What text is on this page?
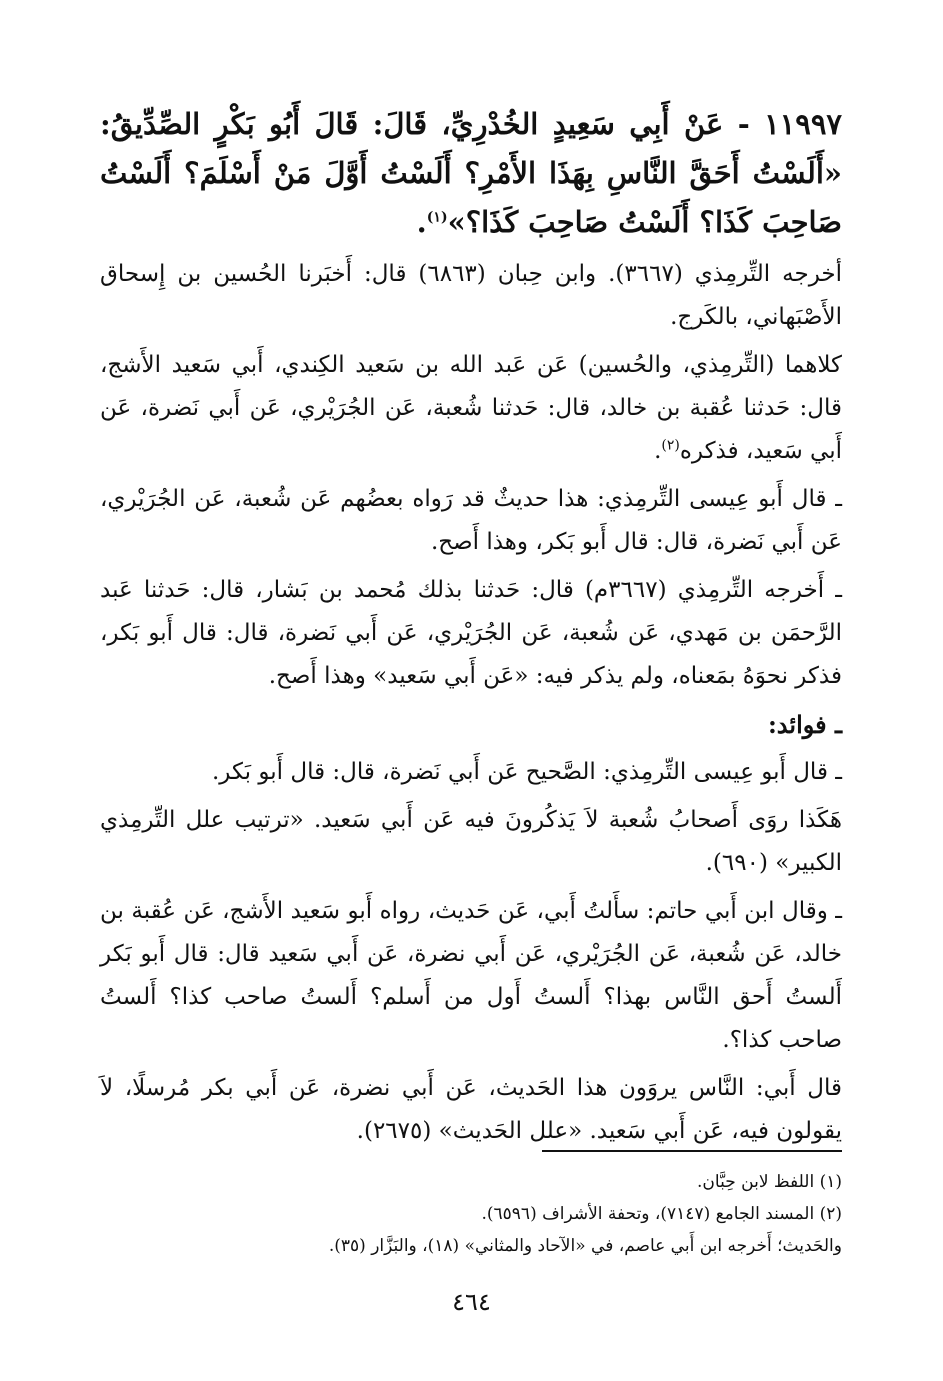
١١٩٩٧ - عَنْ أَبِي سَعِيدٍ الخُدْرِيِّ، قَالَ: قَالَ أَبُو بَكْرٍ الصِّدِّيقُ: «أَلَسْتُ أَحَقَّ النَّاسِ بِهَذَا الأَمْرِ؟ أَلَسْتُ أَوَّلَ مَنْ أَسْلَمَ؟ أَلَسْتُ صَاحِبَ كَذَا؟ أَلَسْتُ صَاحِبَ كَذَا؟»$^{(١)}$.

أخرجه التِّرمِذي (٣٦٦٧). وابن حِبان (٦٨٦٣) قال: أَخبَرنا الحُسين بن إِسحاق الأَصْبَهاني، بالكَرج.

كلاهما (التِّرمِذي، والحُسين) عَن عَبد الله بن سَعيد الكِندي، أَبي سَعيد الأَشج، قال: حَدثنا عُقبة بن خالد، قال: حَدثنا شُعبة، عَن الجُرَيْري، عَن أَبي نَضرة، عَن أَبي سَعيد، فذكره$^{(٢)}$.

ـ قال أَبو عِيسى التِّرمِذي: هذا حديثٌ قد رَواه بعضُهم عَن شُعبة، عَن الجُرَيْري، عَن أَبي نَضرة، قال: قال أَبو بَكر، وهذا أَصح.

ـ أَخرجه التِّرمِذي (٣٦٦٧م) قال: حَدثنا بذلك مُحمد بن بَشار، قال: حَدثنا عَبد الرَّحمَن بن مَهدي، عَن شُعبة، عَن الجُرَيْري، عَن أَبي نَضرة، قال: قال أَبو بَكر، فذكر نحوَهُ بمَعناه، ولم يذكر فيه: «عَن أَبي سَعيد» وهذا أَصح.

ـ فوائد:

ـ قال أَبو عِيسى التِّرمِذي: الصَّحيح عَن أَبي نَضرة، قال: قال أَبو بَكر.

هَكَذا روَى أَصحابُ شُعبة لاَ يَذكُرونَ فيه عَن أَبي سَعيد. «ترتيب علل التِّرمِذي الكبير» (٦٩٠).

ـ وقال ابن أَبي حاتم: سأَلتُ أَبي، عَن حَديث، رواه أَبو سَعيد الأَشج، عَن عُقبة بن خالد، عَن شُعبة، عَن الجُرَيْري، عَن أَبي نضرة، عَن أَبي سَعيد قال: قال أَبو بَكر أَلستُ أَحق النَّاس بهذا؟ أَلستُ أَول من أَسلم؟ أَلستُ صاحب كذا؟ أَلستُ صاحب كذا؟.

قال أَبي: النَّاس يروَون هذا الحَديث، عَن أَبي نضرة، عَن أَبي بكر مُرسلًا، لاَ يقولون فيه، عَن أَبي سَعيد. «علل الحَديث» (٢٦٧٥).

(١) اللفظ لابن حِبَّان.

(٢) المسند الجامع (٧١٤٧)، وتحفة الأشراف (٦٥٩٦).

والحَديث؛ أَخرجه ابن أَبي عاصم، في «الآحاد والمثاني» (١٨)، والبَزَّار (٣٥).

٤٦٤
